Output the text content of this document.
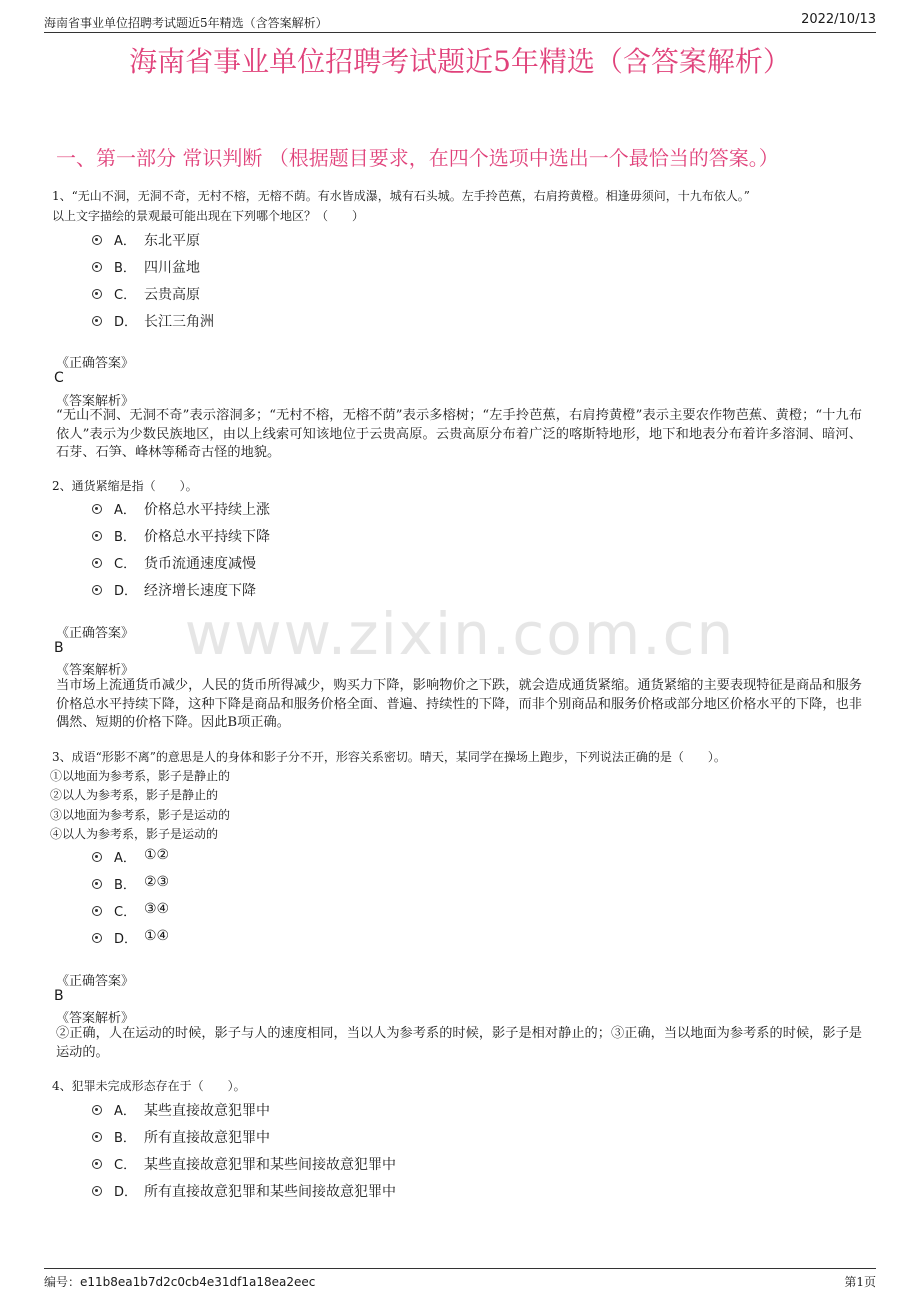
海南省事业单位招聘考试题近5年精选（含答案解析）	2022/10/13
海南省事业单位招聘考试题近5年精选（含答案解析）
一、第一部分 常识判断 （根据题目要求，在四个选项中选出一个最恰当的答案。）
www.zixin.com.cn
1、“无山不洞，无洞不奇，无村不榕，无榕不荫。有水皆成瀑，城有石头城。左手拎芭蕉，右肩挎黄橙。相逢毋须问，十九布依人。”
以上文字描绘的景观最可能出现在下列哪个地区？（　　）
A． 东北平原
B． 四川盆地
C． 云贵高原
D． 长江三角洲
《正确答案》
C
《答案解析》
“无山不洞、无洞不奇”表示溶洞多；“无村不榕，无榕不荫”表示多榕树；“左手拎芭蕉，右肩挎黄橙”表示主要农作物芭蕉、黄橙；“十九布依人”表示为少数民族地区，由以上线索可知该地位于云贵高原。云贵高原分布着广泛的喀斯特地形，地下和地表分布着许多溶洞、暗河、石芽、石笋、峰林等稀奇古怪的地貌。
2、通货紧缩是指（　　）。
A． 价格总水平持续上涨
B． 价格总水平持续下降
C． 货币流通速度减慢
D． 经济增长速度下降
《正确答案》
B
《答案解析》
当市场上流通货币减少，人民的货币所得减少，购买力下降，影响物价之下跌，就会造成通货紧缩。通货紧缩的主要表现特征是商品和服务价格总水平持续下降，这种下降是商品和服务价格全面、普遍、持续性的下降，而非个别商品和服务价格或部分地区价格水平的下降，也非偶然、短期的价格下降。因此B项正确。
3、成语“形影不离”的意思是人的身体和影子分不开，形容关系密切。晴天，某同学在操场上跑步，下列说法正确的是（　　）。
①以地面为参考系，影子是静止的
②以人为参考系，影子是静止的
③以地面为参考系，影子是运动的
④以人为参考系，影子是运动的
A． ①②
B． ②③
C． ③④
D． ①④
《正确答案》
B
《答案解析》
②正确，人在运动的时候，影子与人的速度相同，当以人为参考系的时候，影子是相对静止的；③正确，当以地面为参考系的时候，影子是运动的。
4、犯罪未完成形态存在于（　　）。
A． 某些直接故意犯罪中
B． 所有直接故意犯罪中
C． 某些直接故意犯罪和某些间接故意犯罪中
D． 所有直接故意犯罪和某些间接故意犯罪中
编号：e11b8ea1b7d2c0cb4e31df1a18ea2eec	第1页
